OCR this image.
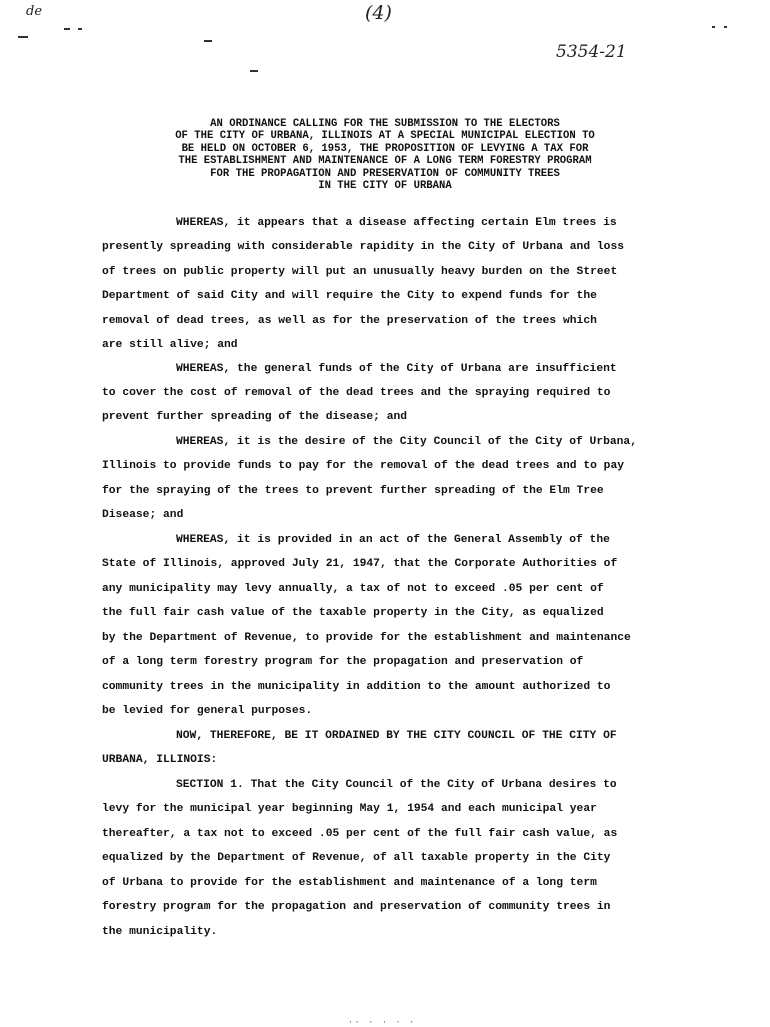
de	(4)
5354-21
AN ORDINANCE CALLING FOR THE SUBMISSION TO THE ELECTORS
OF THE CITY OF URBANA, ILLINOIS AT A SPECIAL MUNICIPAL ELECTION TO
BE HELD ON OCTOBER 6, 1953, THE PROPOSITION OF LEVYING A TAX FOR
THE ESTABLISHMENT AND MAINTENANCE OF A LONG TERM FORESTRY PROGRAM
FOR THE PROPAGATION AND PRESERVATION OF COMMUNITY TREES
IN THE CITY OF URBANA
WHEREAS, it appears that a disease affecting certain Elm trees is
presently spreading with considerable rapidity in the City of Urbana and loss
of trees on public property will put an unusually heavy burden on the Street
Department of said City and will require the City to expend funds for the
removal of dead trees, as well as for the preservation of the trees which
are still alive; and
WHEREAS, the general funds of the City of Urbana are insufficient
to cover the cost of removal of the dead trees and the spraying required to
prevent further spreading of the disease; and
WHEREAS, it is the desire of the City Council of the City of Urbana,
Illinois to provide funds to pay for the removal of the dead trees and to pay
for the spraying of the trees to prevent further spreading of the Elm Tree
Disease; and
WHEREAS, it is provided in an act of the General Assembly of the
State of Illinois, approved July 21, 1947, that the Corporate Authorities of
any municipality may levy annually, a tax of not to exceed .05 per cent of
the full fair cash value of the taxable property in the City, as equalized
by the Department of Revenue, to provide for the establishment and maintenance
of a long term forestry program for the propagation and preservation of
community trees in the municipality in addition to the amount authorized to
be levied for general purposes.
NOW, THEREFORE, BE IT ORDAINED BY THE CITY COUNCIL OF THE CITY OF
URBANA, ILLINOIS:
SECTION 1. That the City Council of the City of Urbana desires to
levy for the municipal year beginning May 1, 1954 and each municipal year
thereafter, a tax not to exceed .05 per cent of the full fair cash value, as
equalized by the Department of Revenue, of all taxable property in the City
of Urbana to provide for the establishment and maintenance of a long term
forestry program for the propagation and preservation of community trees in
the municipality.
·· · · · ·
